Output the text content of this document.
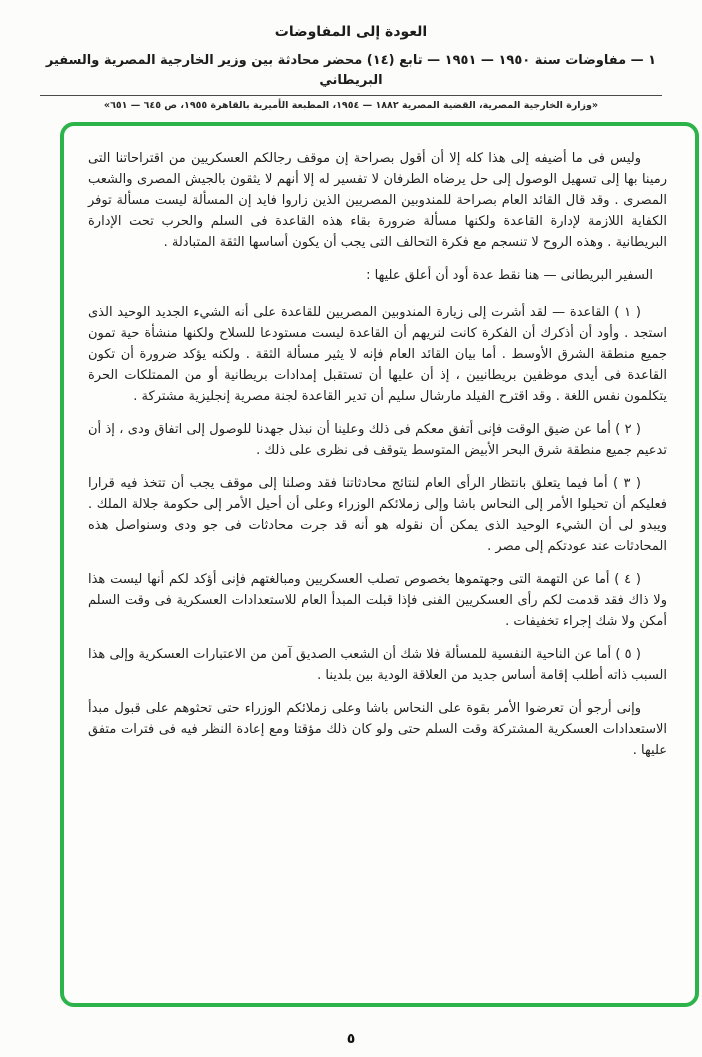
العودة إلى المفاوضات
١ — مفاوضات سنة ١٩٥٠ — ١٩٥١ — تابع (١٤) محضر محادثة بين وزير الخارجية المصرية والسفير البريطاني
«وزارة الخارجية المصرية، القضية المصرية ١٨٨٢ — ١٩٥٤، المطبعة الأميرية بالقاهرة ١٩٥٥، ص ٦٤٥ — ٦٥١»

وليس فى ما أضيفه إلى هذا كله إلا أن أقول بصراحة إن موقف رجالكم العسكريين من اقتراحاتنا التى رمينا بها إلى تسهيل الوصول إلى حل يرضاه الطرفان لا تفسير له إلا أنهم لا يثقون بالجيش المصرى والشعب المصرى . وقد قال القائد العام بصراحة للمندوبين المصريين الذين زاروا فايد إن المسألة ليست مسألة توفر الكفاية اللازمة لإدارة القاعدة ولكنها مسألة ضرورة بقاء هذه القاعدة فى السلم والحرب تحت الإدارة البريطانية . وهذه الروح لا تنسجم مع فكرة التحالف التى يجب أن يكون أساسها الثقة المتبادلة .

السفير البريطانى — هنا نقط عدة أود أن أعلق عليها :

( ١ ) القاعدة — لقد أشرت إلى زيارة المندوبين المصريين للقاعدة على أنه الشيء الجديد الوحيد الذى استجد . وأود أن أذكرك أن الفكرة كانت لنريهم أن القاعدة ليست مستودعا للسلاح ولكنها منشأة حية تمون جميع منطقة الشرق الأوسط . أما بيان القائد العام فإنه لا يثير مسألة الثقة . ولكنه يؤكد ضرورة أن تكون القاعدة فى أيدى موظفين بريطانيين ، إذ أن عليها أن تستقبل إمدادات بريطانية أو من الممتلكات الحرة يتكلمون نفس اللغة . وقد اقترح الفيلد مارشال سليم أن تدير القاعدة لجنة مصرية إنجليزية مشتركة .

( ٢ ) أما عن ضيق الوقت فإنى أتفق معكم فى ذلك وعلينا أن نبذل جهدنا للوصول إلى اتفاق ودى ، إذ أن تدعيم جميع منطقة شرق البحر الأبيض المتوسط يتوقف فى نظرى على ذلك .

( ٣ ) أما فيما يتعلق بانتظار الرأى العام لنتائج محادثاتنا فقد وصلنا إلى موقف يجب أن تتخذ فيه قرارا فعليكم أن تحيلوا الأمر إلى النحاس باشا وإلى زملائكم الوزراء وعلى أن أحيل الأمر إلى حكومة جلالة الملك . ويبدو لى أن الشيء الوحيد الذى يمكن أن نقوله هو أنه قد جرت محادثات فى جو ودى وسنواصل هذه المحادثات عند عودتكم إلى مصر .

( ٤ ) أما عن التهمة التى وجهتموها بخصوص تصلب العسكريين ومبالغتهم فإنى أؤكد لكم أنها ليست هذا ولا ذاك فقد قدمت لكم رأى العسكريين الفنى فإذا قبلت المبدأ العام للاستعدادات العسكرية فى وقت السلم أمكن ولا شك إجراء تخفيفات .

( ٥ ) أما عن الناحية النفسية للمسألة فلا شك أن الشعب الصديق آمن من الاعتبارات العسكرية وإلى هذا السبب ذاته أطلب إقامة أساس جديد من العلاقة الودية بين بلدينا .

وإنى أرجو أن تعرضوا الأمر بقوة على النحاس باشا وعلى زملائكم الوزراء حتى تحثوهم على قبول مبدأ الاستعدادات العسكرية المشتركة وقت السلم حتى ولو كان ذلك مؤقتا ومع إعادة النظر فيه فى فترات متفق عليها .

٥
